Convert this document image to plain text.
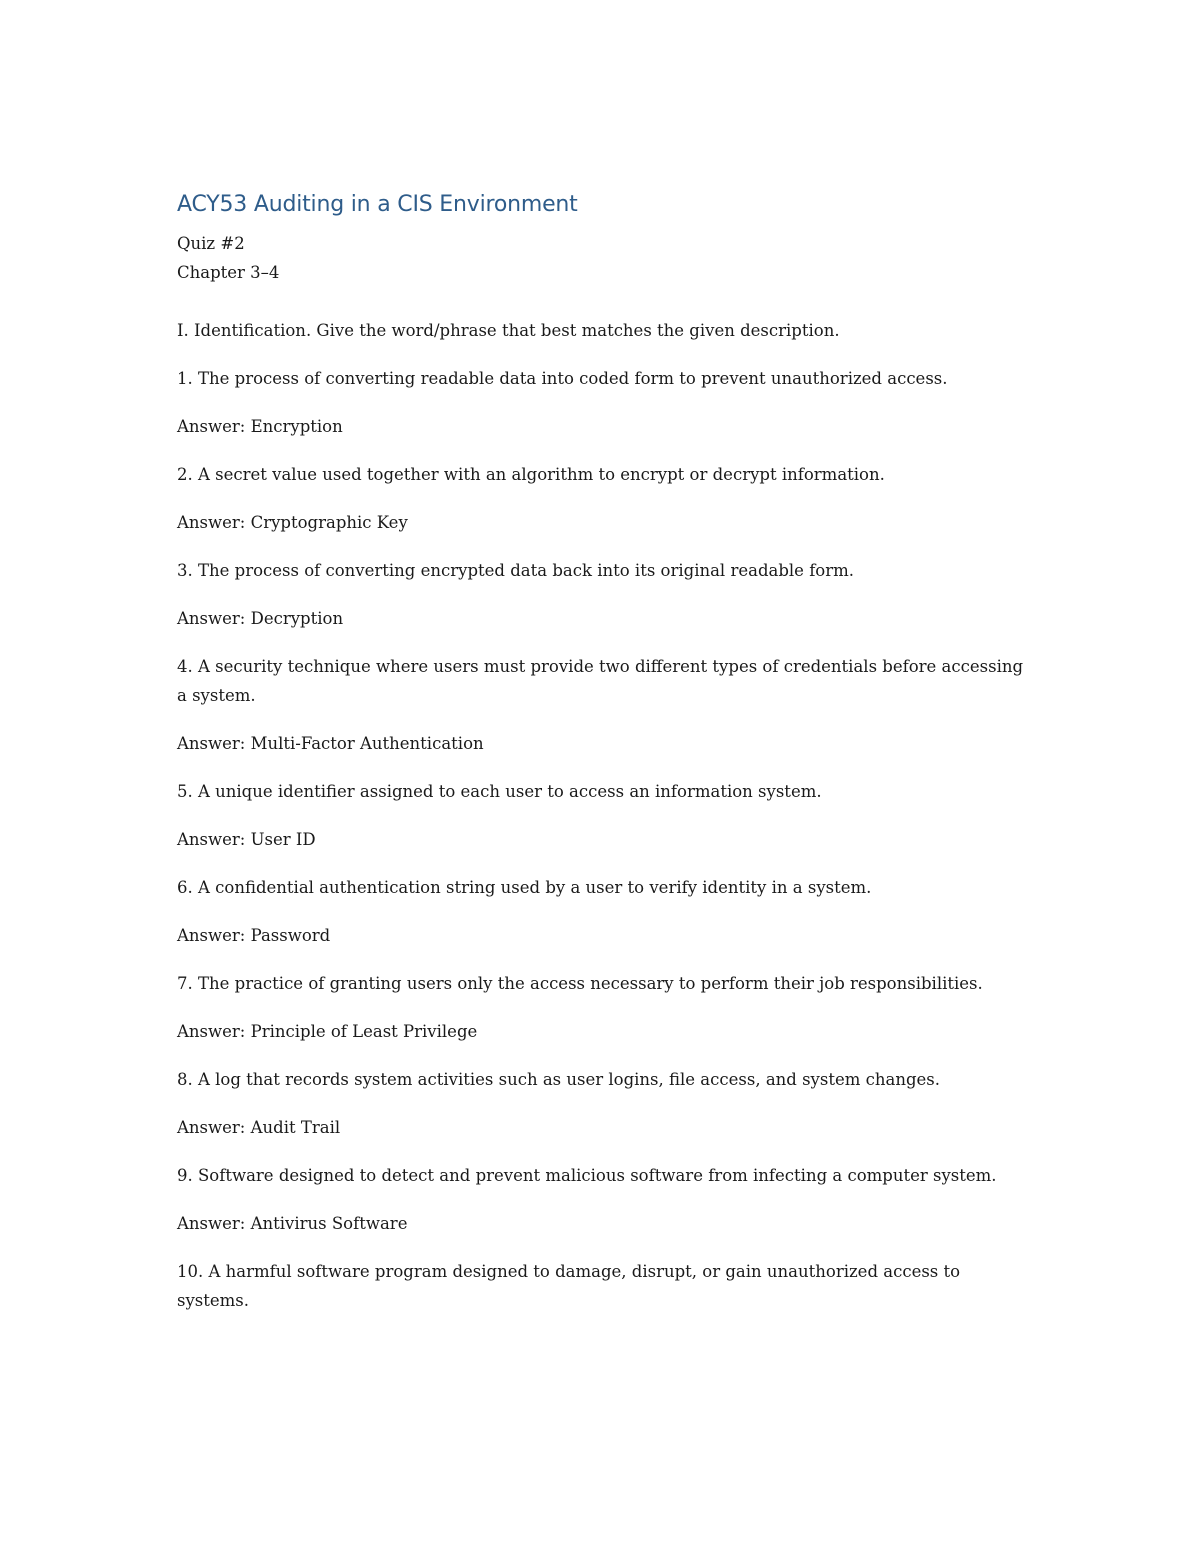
ACY53 Auditing in a CIS Environment

Quiz #2

Chapter 3–4

I. Identification. Give the word/phrase that best matches the given description.

1. The process of converting readable data into coded form to prevent unauthorized access.

Answer: Encryption

2. A secret value used together with an algorithm to encrypt or decrypt information.

Answer: Cryptographic Key

3. The process of converting encrypted data back into its original readable form.

Answer: Decryption

4. A security technique where users must provide two different types of credentials before accessing a system.

Answer: Multi-Factor Authentication

5. A unique identifier assigned to each user to access an information system.

Answer: User ID

6. A confidential authentication string used by a user to verify identity in a system.

Answer: Password

7. The practice of granting users only the access necessary to perform their job responsibilities.

Answer: Principle of Least Privilege

8. A log that records system activities such as user logins, file access, and system changes.

Answer: Audit Trail

9. Software designed to detect and prevent malicious software from infecting a computer system.

Answer: Antivirus Software

10. A harmful software program designed to damage, disrupt, or gain unauthorized access to systems.
